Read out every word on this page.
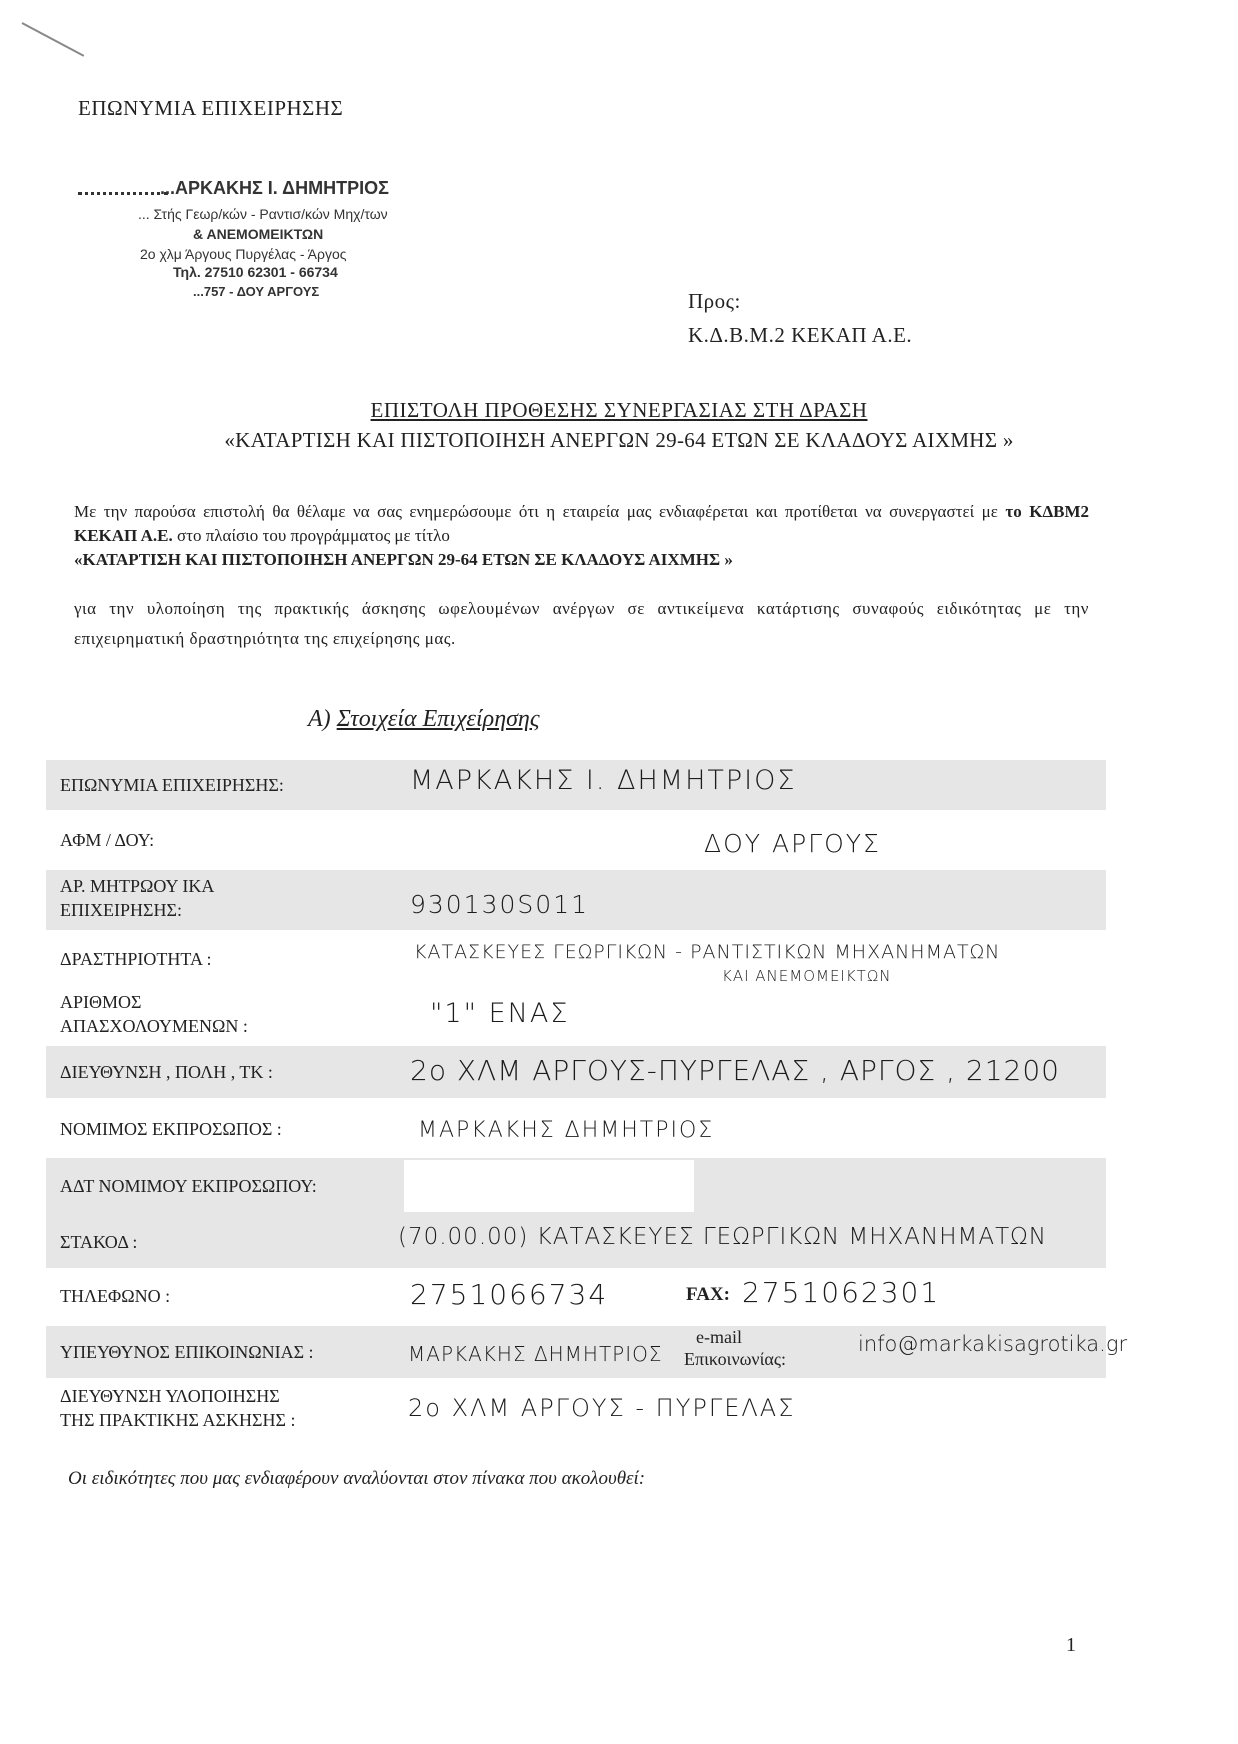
ΕΠΩΝΥΜΙΑ ΕΠΙΧΕΙΡΗΣΗΣ
...ΑΡΚΑΚΗΣ Ι. ΔΗΜΗΤΡΙΟΣ
... Στής Γεωρ/κών - Ραντισ/κών Μηχ/των
& ΑΝΕΜΟΜΕΙΚΤΩΝ
2ο χλμ Άργους Πυργέλας - Άργος
Τηλ. 27510 62301 - 66734
...757 - ΔΟΥ ΑΡΓΟΥΣ	Προς:
Κ.Δ.Β.Μ.2 ΚΕΚΑΠ Α.Ε.
ΕΠΙΣΤΟΛΗ ΠΡΟΘΕΣΗΣ ΣΥΝΕΡΓΑΣΙΑΣ ΣΤΗ ΔΡΑΣΗ
«ΚΑΤΑΡΤΙΣΗ ΚΑΙ ΠΙΣΤΟΠΟΙΗΣΗ ΑΝΕΡΓΩΝ 29-64 ΕΤΩΝ ΣΕ ΚΛΑΔΟΥΣ ΑΙΧΜΗΣ »
Με την παρούσα επιστολή θα θέλαμε να σας ενημερώσουμε ότι η εταιρεία μας ενδιαφέρεται και προτίθεται να συνεργαστεί με το ΚΔΒΜ2 ΚΕΚΑΠ Α.Ε. στο πλαίσιο του προγράμματος με τίτλο
«ΚΑΤΑΡΤΙΣΗ ΚΑΙ ΠΙΣΤΟΠΟΙΗΣΗ ΑΝΕΡΓΩΝ 29-64 ΕΤΩΝ ΣΕ ΚΛΑΔΟΥΣ ΑΙΧΜΗΣ »
για την υλοποίηση της πρακτικής άσκησης ωφελουμένων ανέργων σε αντικείμενα κατάρτισης συναφούς ειδικότητας με την επιχειρηματική δραστηριότητα της επιχείρησης μας.
Α) Στοιχεία Επιχείρησης
ΕΠΩΝΥΜΙΑ ΕΠΙΧΕΙΡΗΣΗΣ:	ΜΑΡΚΑΚΗΣ Ι. ΔΗΜΗΤΡΙΟΣ
ΑΦΜ / ΔΟΥ:	ΔΟΥ ΑΡΓΟΥΣ
ΑΡ. ΜΗΤΡΩΟΥ ΙΚΑ
ΕΠΙΧΕΙΡΗΣΗΣ:	930130S011
ΔΡΑΣΤΗΡΙΟΤΗΤΑ :	ΚΑΤΑΣΚΕΥΕΣ ΓΕΩΡΓΙΚΩΝ - ΡΑΝΤΙΣΤΙΚΩΝ ΜΗΧΑΝΗΜΑΤΩΝ
ΚΑΙ ΑΝΕΜΟΜΕΙΚΤΩΝ
ΑΡΙΘΜΟΣ
ΑΠΑΣΧΟΛΟΥΜΕΝΩΝ :	"1" ΕΝΑΣ
ΔΙΕΥΘΥΝΣΗ , ΠΟΛΗ , ΤΚ :	2ο ΧΛΜ ΑΡΓΟΥΣ-ΠΥΡΓΕΛΑΣ , ΑΡΓΟΣ , 21200
ΝΟΜΙΜΟΣ ΕΚΠΡΟΣΩΠΟΣ :	ΜΑΡΚΑΚΗΣ ΔΗΜΗΤΡΙΟΣ
ΑΔΤ ΝΟΜΙΜΟΥ ΕΚΠΡΟΣΩΠΟΥ:
ΣΤΑΚΟΔ :	(70.00.00) ΚΑΤΑΣΚΕΥΕΣ ΓΕΩΡΓΙΚΩΝ ΜΗΧΑΝΗΜΑΤΩΝ
ΤΗΛΕΦΩΝΟ :	2751066734	FAX: 2751062301
ΥΠΕΥΘΥΝΟΣ ΕΠΙΚΟΙΝΩΝΙΑΣ :	ΜΑΡΚΑΚΗΣ ΔΗΜΗΤΡΙΟΣ
e-mail
Επικοινωνίας:
info@markakisagrotika.gr
ΔΙΕΥΘΥΝΣΗ ΥΛΟΠΟΙΗΣΗΣ
ΤΗΣ ΠΡΑΚΤΙΚΗΣ ΑΣΚΗΣΗΣ :	2ο ΧΛΜ ΑΡΓΟΥΣ - ΠΥΡΓΕΛΑΣ
Οι ειδικότητες που μας ενδιαφέρουν αναλύονται στον πίνακα που ακολουθεί:
1
